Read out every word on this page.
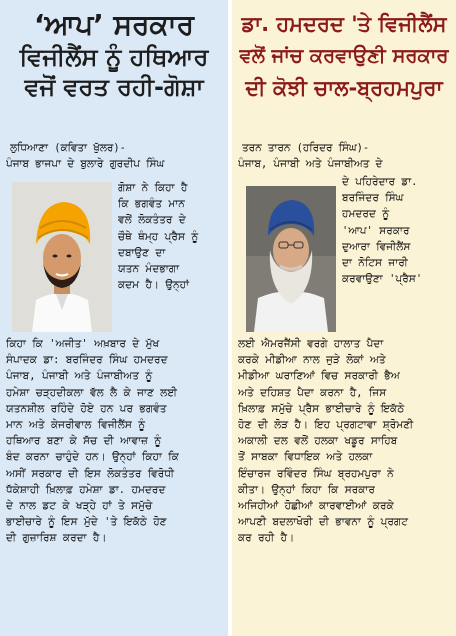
‘ਆਪ’ ਸਰਕਾਰ
ਵਿਜੀਲੈਂਸ ਨੂੰ ਹਥਿਆਰ
ਵਜੋਂ ਵਰਤ ਰਹੀ-ਗੋਸ਼ਾ
ਲੁਧਿਆਣਾ (ਕਵਿਤਾ ਖੁੱਲਰ)-
ਪੰਜਾਬ ਭਾਜਪਾ ਦੇ ਬੁਲਾਰੇ ਗੁਰਦੀਪ ਸਿੰਘ
ਗੋਸ਼ਾ ਨੇ ਕਿਹਾ ਹੈ
ਕਿ ਭਗਵੰਤ ਮਾਨ
ਵਲੋਂ ਲੋਕਤੰਤਰ ਦੇ
ਚੌਥੇ ਥੰਮ੍ਹ ਪ੍ਰੈਸ ਨੂੰ
ਦਬਾਉਣ ਦਾ
ਯਤਨ ਮੰਦਭਾਗਾ
ਕਦਮ ਹੈ। ਉਨ੍ਹਾਂ
ਕਿਹਾ ਕਿ 'ਅਜੀਤ' ਅਖ਼ਬਾਰ ਦੇ ਮੁੱਖ
ਸੰਪਾਦਕ ਡਾ: ਬਰਜਿੰਦਰ ਸਿੰਘ ਹਮਦਰਦ
ਪੰਜਾਬ, ਪੰਜਾਬੀ ਅਤੇ ਪੰਜਾਬੀਅਤ ਨੂੰ
ਹਮੇਸ਼ਾ ਚੜ੍ਹਦੀਕਲਾ ਵੱਲ ਲੈ ਕੇ ਜਾਣ ਲਈ
ਯਤਨਸ਼ੀਲ ਰਹਿੰਦੇ ਹੋਏ ਹਨ ਪਰ ਭਗਵੰਤ
ਮਾਨ ਅਤੇ ਕੇਜਰੀਵਾਲ ਵਿਜੀਲੈਂਸ ਨੂੰ
ਹਥਿਆਰ ਬਣਾ ਕੇ ਸੱਚ ਦੀ ਆਵਾਜ਼ ਨੂੰ
ਬੰਦ ਕਰਨਾ ਚਾਹੁੰਦੇ ਹਨ। ਉਨ੍ਹਾਂ ਕਿਹਾ ਕਿ
ਅਸੀਂ ਸਰਕਾਰ ਦੀ ਇਸ ਲੋਕਤੰਤਰ ਵਿਰੋਧੀ
ਧੱਕੇਸ਼ਾਹੀ ਖ਼ਿਲਾਫ਼ ਹਮੇਸ਼ਾ ਡਾ. ਹਮਦਰਦ
ਦੇ ਨਾਲ ਡਟ ਕੇ ਖੜ੍ਹੇ ਹਾਂ ਤੇ ਸਮੁੱਚੇ
ਭਾਈਚਾਰੇ ਨੂੰ ਇਸ ਮੁੱਦੇ 'ਤੇ ਇਕੱਠੇ ਹੋਣ
ਦੀ ਗੁਜ਼ਾਰਿਸ਼ ਕਰਦਾ ਹੈ।
ਡਾ. ਹਮਦਰਦ 'ਤੇ ਵਿਜੀਲੈਂਸ
ਵਲੋਂ ਜਾਂਚ ਕਰਵਾਉਣੀ ਸਰਕਾਰ
ਦੀ ਕੋਝੀ ਚਾਲ-ਬ੍ਰਹਮਪੁਰਾ
ਤਰਨ ਤਾਰਨ (ਹਰਿਦਰ ਸਿੰਘ)-
ਪੰਜਾਬ, ਪੰਜਾਬੀ ਅਤੇ ਪੰਜਾਬੀਅਤ ਦੇ
ਦੇ ਪਹਿਰੇਦਾਰ ਡਾ.
ਬਰਜਿੰਦਰ ਸਿੰਘ
ਹਮਦਰਦ ਨੂੰ
'ਆਪ' ਸਰਕਾਰ
ਦੁਆਰਾ ਵਿਜੀਲੈਂਸ
ਦਾ ਨੋਟਿਸ ਜਾਰੀ
ਕਰਵਾਉਣਾ 'ਪ੍ਰੈਸ'
ਲਈ ਐਮਰਜੈਂਸੀ ਵਰਗੇ ਹਾਲਾਤ ਪੈਦਾ
ਕਰਕੇ ਮੀਡੀਆ ਨਾਲ ਜੁੜੇ ਲੋਕਾਂ ਅਤੇ
ਮੀਡੀਆ ਘਰਾਣਿਆਂ ਵਿਚ ਸਰਕਾਰੀ ਭੈਅ
ਅਤੇ ਦਹਿਸ਼ਤ ਪੈਦਾ ਕਰਨਾ ਹੈ, ਜਿਸ
ਖ਼ਿਲਾਫ਼ ਸਮੁੱਚੇ ਪ੍ਰੈਸ ਭਾਈਚਾਰੇ ਨੂੰ ਇਕੱਠੇ
ਹੋਣ ਦੀ ਲੋੜ ਹੈ। ਇਹ ਪ੍ਰਗਟਾਵਾ ਸ਼੍ਰੋਮਣੀ
ਅਕਾਲੀ ਦਲ ਵਲੋਂ ਹਲਕਾ ਖਡੂਰ ਸਾਹਿਬ
ਤੋਂ ਸਾਬਕਾ ਵਿਧਾਇਕ ਅਤੇ ਹਲਕਾ
ਇੰਚਾਰਜ ਰਵਿੰਦਰ ਸਿੰਘ ਬ੍ਰਹਮਪੁਰਾ ਨੇ
ਕੀਤਾ। ਉਨ੍ਹਾਂ ਕਿਹਾ ਕਿ ਸਰਕਾਰ
ਅਜਿਹੀਆਂ ਹੋਛੀਆਂ ਕਾਰਵਾਈਆਂ ਕਰਕੇ
ਆਪਣੀ ਬਦਲਾਖੋਰੀ ਦੀ ਭਾਵਨਾ ਨੂੰ ਪ੍ਰਗਟ
ਕਰ ਰਹੀ ਹੈ।
